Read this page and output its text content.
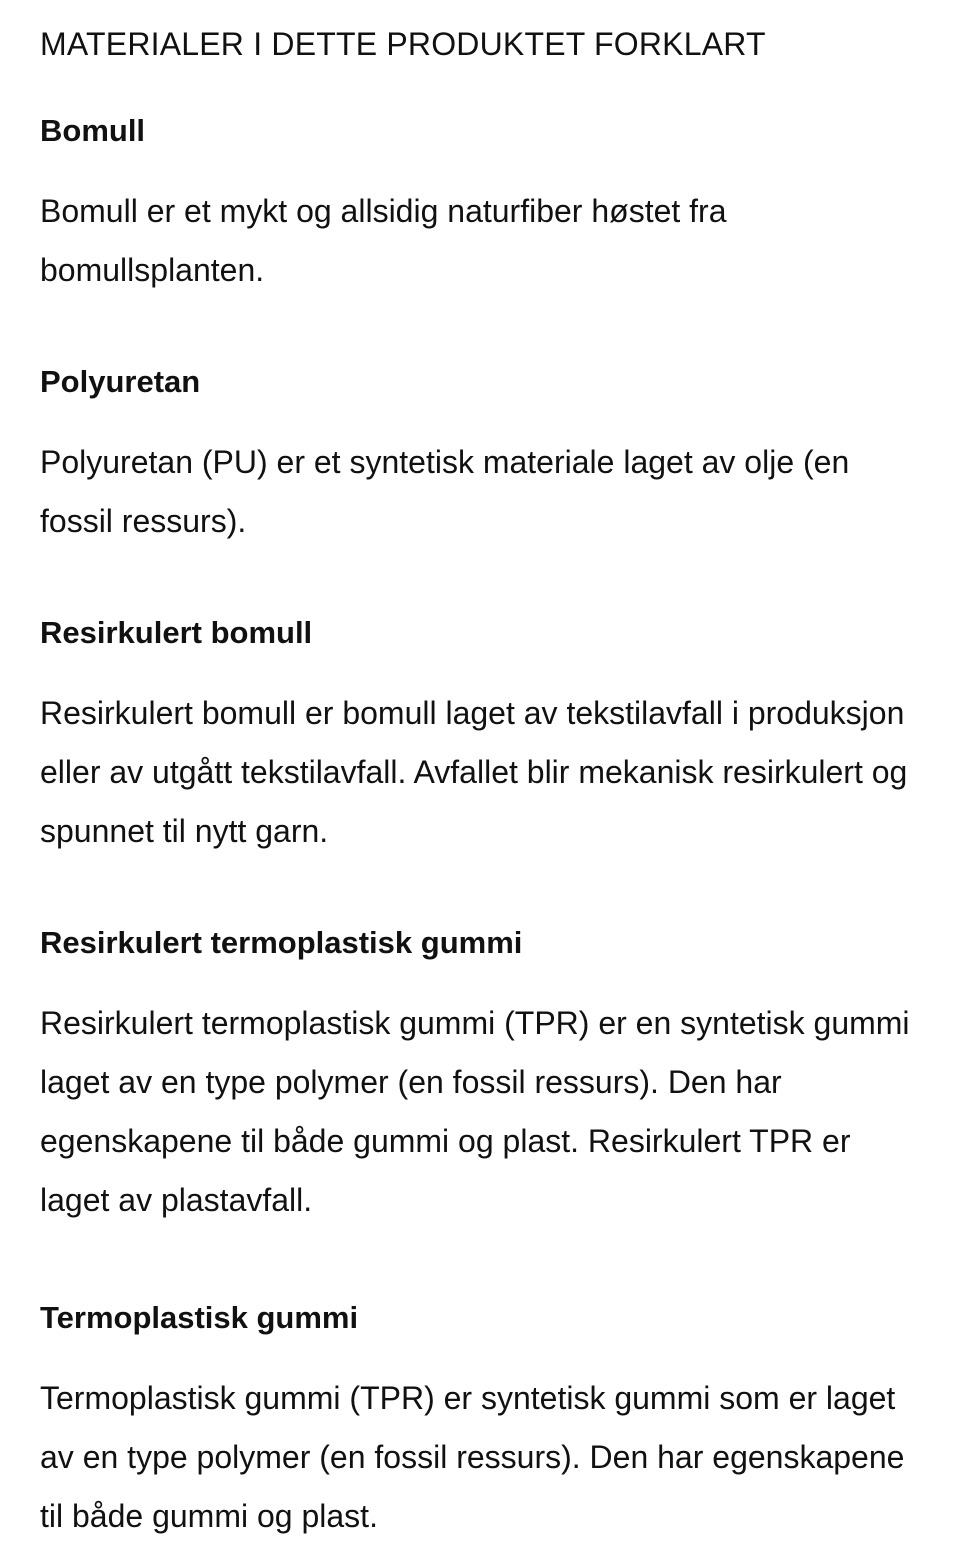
MATERIALER I DETTE PRODUKTET FORKLART
Bomull

Bomull er et mykt og allsidig naturfiber høstet fra bomullsplanten.

Polyuretan

Polyuretan (PU) er et syntetisk materiale laget av olje (en fossil ressurs).

Resirkulert bomull

Resirkulert bomull er bomull laget av tekstilavfall i produksjon eller av utgått tekstilavfall. Avfallet blir mekanisk resirkulert og spunnet til nytt garn.

Resirkulert termoplastisk gummi

Resirkulert termoplastisk gummi (TPR) er en syntetisk gummi laget av en type polymer (en fossil ressurs). Den har egenskapene til både gummi og plast. Resirkulert TPR er laget av plastavfall.

Termoplastisk gummi

Termoplastisk gummi (TPR) er syntetisk gummi som er laget av en type polymer (en fossil ressurs). Den har egenskapene til både gummi og plast.
